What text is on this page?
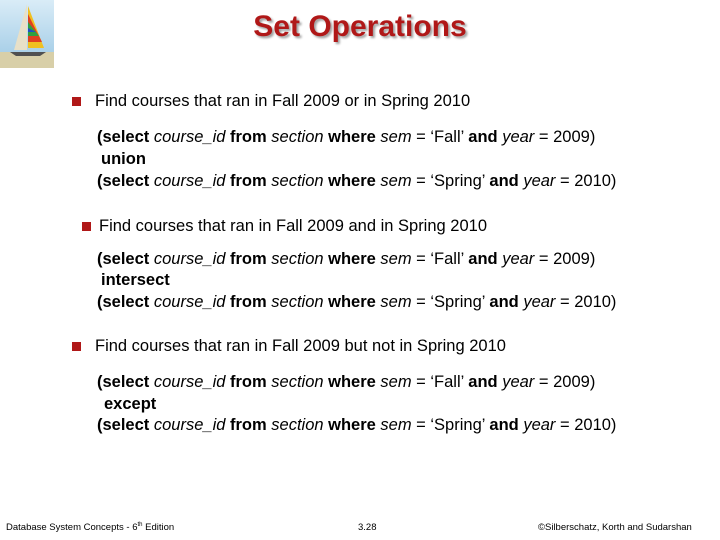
Set Operations
Find courses that ran in Fall 2009 or in Spring 2010
(select course_id from section where sem = ‘Fall’ and year = 2009)
union
(select course_id from section where sem = ‘Spring’ and year = 2010)
Find courses that ran in Fall 2009 and in Spring 2010
(select course_id from section where sem = ‘Fall’ and year = 2009)
intersect
(select course_id from section where sem = ‘Spring’ and year = 2010)
Find courses that ran in Fall 2009 but not in Spring 2010
(select course_id from section where sem = ‘Fall’ and year = 2009)
except
(select course_id from section where sem = ‘Spring’ and year = 2010)
Database System Concepts - 6th Edition	3.28	©Silberschatz, Korth and Sudarshan
